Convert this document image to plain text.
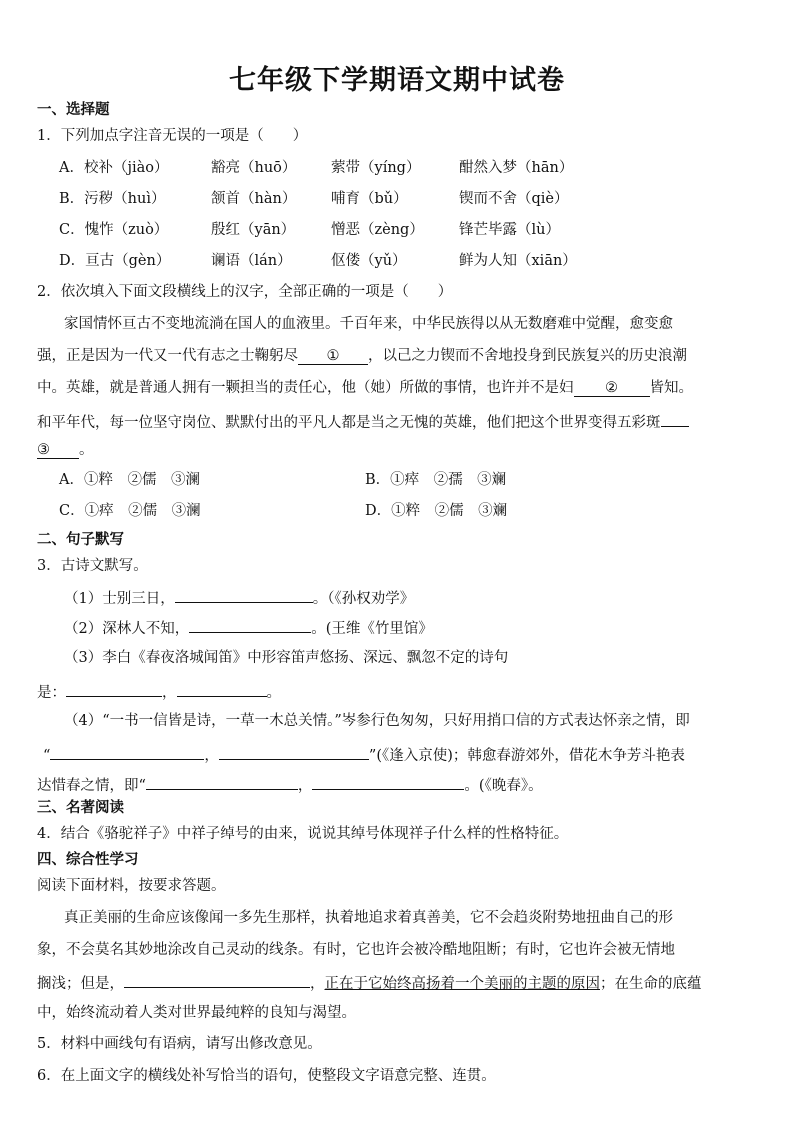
七年级下学期语文期中试卷
一、选择题
1．下列加点字注音无误的一项是（　　）
A．校补（jiào）	豁亮（huō） 萦带（yíng）	酣然入梦（hān）
B．污秽（huì）	颔首（hàn） 哺育（bǔ）	锲而不舍（qiè）
C．愧怍（zuò）	殷红（yān） 憎恶（zèng） 锋芒毕露（lù）
D．亘古（gèn）	谰语（lán）	伛偻（yǔ）	鲜为人知（xiān）
2．依次填入下面文段横线上的汉字，全部正确的一项是（　　）
家国情怀亘古不变地流淌在国人的血液里。千百年来，中华民族得以从无数磨难中觉醒，愈变愈
强，正是因为一代又一代有志之士鞠躬尽 ① ，以己之力锲而不舍地投身到民族复兴的历史浪潮
中。英雄，就是普通人拥有一颗担当的责任心，他（她）所做的事情，也许并不是妇 ② 皆知。
和平年代，每一位坚守岗位、默默付出的平凡人都是当之无愧的英雄，他们把这个世界变得五彩斑
③ 。
A．①粹　②儒　③澜	B．①瘁　②孺　③斓
C．①瘁　②儒　③澜	D．①粹　②儒　③斓
二、句子默写
3．古诗文默写。
（1）士别三日，	。（《孙权劝学》
（2）深林人不知，	。(王维《竹里馆》
（3）李白《春夜洛城闻笛》中形容笛声悠扬、深远、飘忽不定的诗句
是：	，	。
（4）“一书一信皆是诗，一草一木总关情。”岑参行色匆匆，只好用捎口信的方式表达怀亲之情，即
“	，	”(《逢入京使)；韩愈春游郊外，借花木争芳斗艳表
达惜春之情，即“	，	。(《晚春》。
三、名著阅读
4．结合《骆驼祥子》中祥子绰号的由来，说说其绰号体现祥子什么样的性格特征。
四、综合性学习
阅读下面材料，按要求答题。
真正美丽的生命应该像闻一多先生那样，执着地追求着真善美，它不会趋炎附势地扭曲自己的形
象，不会莫名其妙地涂改自己灵动的线条。有时，它也许会被冷酷地阻断；有时，它也许会被无情地
搁浅；但是，	，正在于它始终高扬着一个美丽的主题的原因；在生命的底蕴
中，始终流动着人类对世界最纯粹的良知与渴望。
5．材料中画线句有语病，请写出修改意见。
6．在上面文字的横线处补写恰当的语句，使整段文字语意完整、连贯。
